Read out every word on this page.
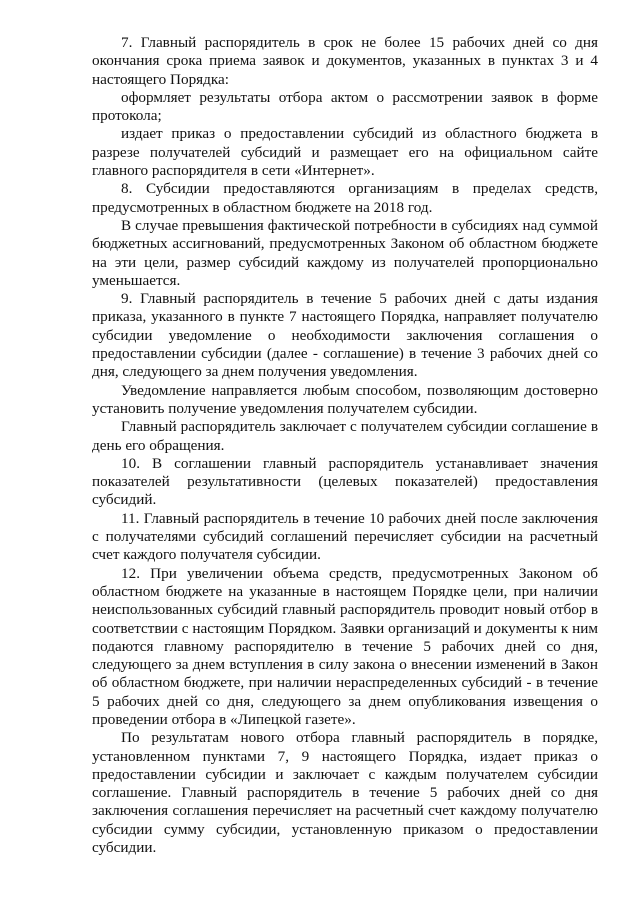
7. Главный распорядитель в срок не более 15 рабочих дней со дня окончания срока приема заявок и документов, указанных в пунктах 3 и 4 настоящего Порядка:

оформляет результаты отбора актом о рассмотрении заявок в форме протокола;

издает приказ о предоставлении субсидий из областного бюджета в разрезе получателей субсидий и размещает его на официальном сайте главного распорядителя в сети «Интернет».

8. Субсидии предоставляются организациям в пределах средств, предусмотренных в областном бюджете на 2018 год.

В случае превышения фактической потребности в субсидиях над суммой бюджетных ассигнований, предусмотренных Законом об областном бюджете на эти цели, размер субсидий каждому из получателей пропорционально уменьшается.

9. Главный распорядитель в течение 5 рабочих дней с даты издания приказа, указанного в пункте 7 настоящего Порядка, направляет получателю субсидии уведомление о необходимости заключения соглашения о предоставлении субсидии (далее - соглашение) в течение 3 рабочих дней со дня, следующего за днем получения уведомления.

Уведомление направляется любым способом, позволяющим достоверно установить получение уведомления получателем субсидии.

Главный распорядитель заключает с получателем субсидии соглашение в день его обращения.

10. В соглашении главный распорядитель устанавливает значения показателей результативности (целевых показателей) предоставления субсидий.

11. Главный распорядитель в течение 10 рабочих дней после заключения с получателями субсидий соглашений перечисляет субсидии на расчетный счет каждого получателя субсидии.

12. При увеличении объема средств, предусмотренных Законом об областном бюджете на указанные в настоящем Порядке цели, при наличии неиспользованных субсидий главный распорядитель проводит новый отбор в соответствии с настоящим Порядком. Заявки организаций и документы к ним подаются главному распорядителю в течение 5 рабочих дней со дня, следующего за днем вступления в силу закона о внесении изменений в Закон об областном бюджете, при наличии нераспределенных субсидий - в течение 5 рабочих дней со дня, следующего за днем опубликования извещения о проведении отбора в «Липецкой газете».

По результатам нового отбора главный распорядитель в порядке, установленном пунктами 7, 9 настоящего Порядка, издает приказ о предоставлении субсидии и заключает с каждым получателем субсидии соглашение. Главный распорядитель в течение 5 рабочих дней со дня заключения соглашения перечисляет на расчетный счет каждому получателю субсидии сумму субсидии, установленную приказом о предоставлении субсидии.
